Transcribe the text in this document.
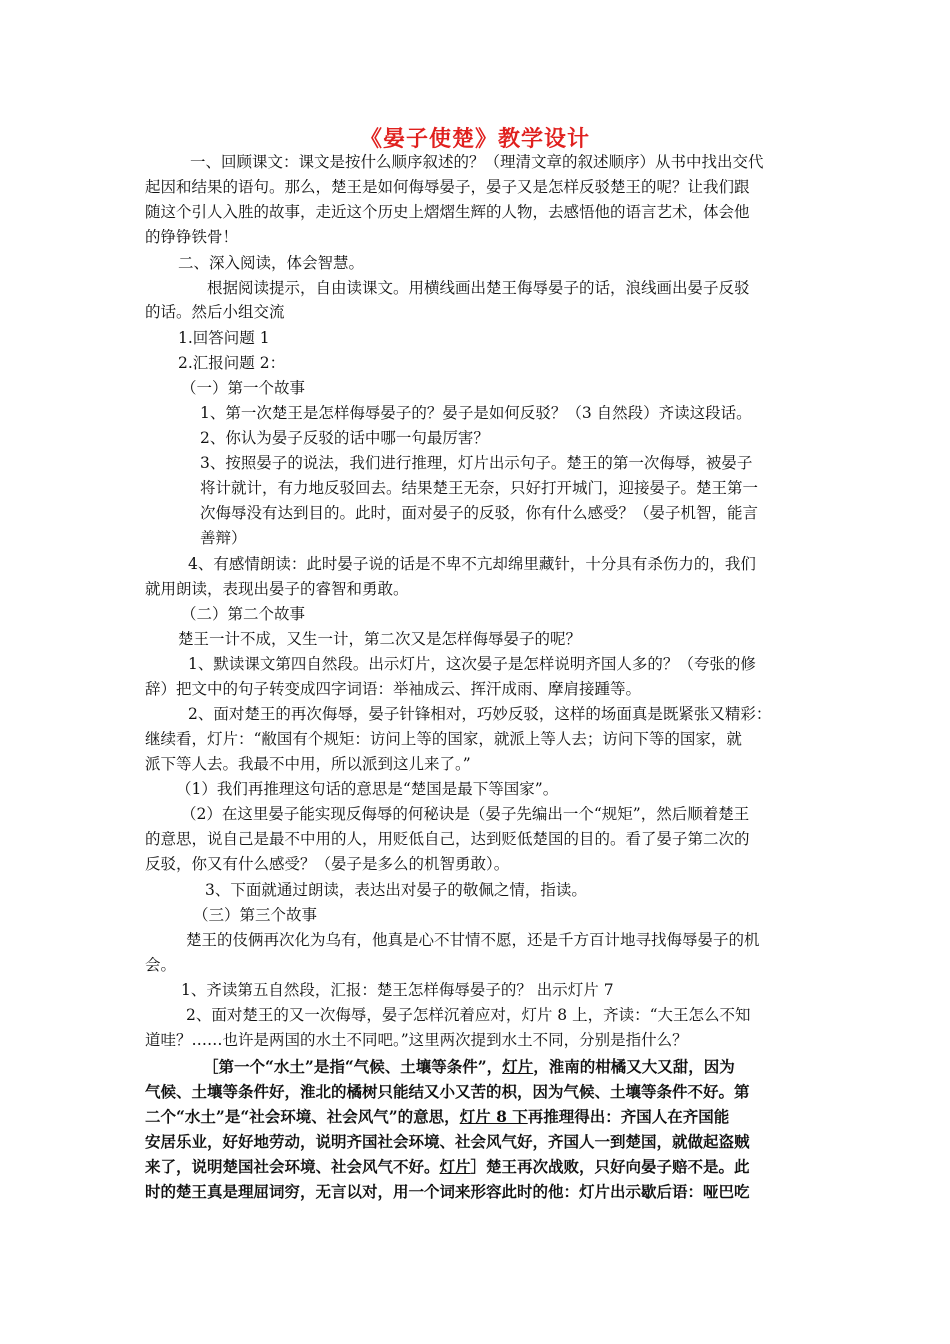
《晏子使楚》教学设计
一、回顾课文：课文是按什么顺序叙述的？（理清文章的叙述顺序）从书中找出交代
起因和结果的语句。那么，楚王是如何侮辱晏子，晏子又是怎样反驳楚王的呢？让我们跟
随这个引人入胜的故事，走近这个历史上熠熠生辉的人物，去感悟他的语言艺术，体会他
的铮铮铁骨！
二、深入阅读，体会智慧。
根据阅读提示，自由读课文。用横线画出楚王侮辱晏子的话，浪线画出晏子反驳
的话。然后小组交流
1.回答问题 1
2.汇报问题 2：
（一）第一个故事
1、第一次楚王是怎样侮辱晏子的？晏子是如何反驳？（3 自然段）齐读这段话。
2、你认为晏子反驳的话中哪一句最厉害？
3、按照晏子的说法，我们进行推理，灯片出示句子。楚王的第一次侮辱，被晏子
将计就计，有力地反驳回去。结果楚王无奈，只好打开城门，迎接晏子。楚王第一
次侮辱没有达到目的。此时，面对晏子的反驳，你有什么感受？（晏子机智，能言
善辩）
4、有感情朗读：此时晏子说的话是不卑不亢却绵里藏针，十分具有杀伤力的，我们
就用朗读，表现出晏子的睿智和勇敢。
（二）第二个故事
楚王一计不成，又生一计，第二次又是怎样侮辱晏子的呢？
1、默读课文第四自然段。出示灯片，这次晏子是怎样说明齐国人多的？（夸张的修
辞）把文中的句子转变成四字词语：举袖成云、挥汗成雨、摩肩接踵等。
2、面对楚王的再次侮辱，晏子针锋相对，巧妙反驳，这样的场面真是既紧张又精彩：
继续看，灯片：“敝国有个规矩：访问上等的国家，就派上等人去；访问下等的国家，就
派下等人去。我最不中用，所以派到这儿来了。”
（1）我们再推理这句话的意思是“楚国是最下等国家”。
（2）在这里晏子能实现反侮辱的何秘诀是（晏子先编出一个“规矩”，然后顺着楚王
的意思，说自己是最不中用的人，用贬低自己，达到贬低楚国的目的。看了晏子第二次的
反驳，你又有什么感受？（晏子是多么的机智勇敢）。
3、下面就通过朗读，表达出对晏子的敬佩之情，指读。
（三）第三个故事
楚王的伎俩再次化为乌有，他真是心不甘情不愿，还是千方百计地寻找侮辱晏子的机
会。
1、齐读第五自然段，汇报：楚王怎样侮辱晏子的？ 出示灯片 7
2、面对楚王的又一次侮辱，晏子怎样沉着应对，灯片 8 上，齐读：“大王怎么不知
道哇？……也许是两国的水土不同吧。”这里两次提到水土不同，分别是指什么？
［第一个“水土”是指“气候、土壤等条件”，灯片，淮南的柑橘又大又甜，因为
气候、土壤等条件好，淮北的橘树只能结又小又苦的枳，因为气候、土壤等条件不好。第
二个“水土”是“社会环境、社会风气”的意思，灯片 8 下再推理得出：齐国人在齐国能
安居乐业，好好地劳动，说明齐国社会环境、社会风气好，齐国人一到楚国，就做起盗贼
来了，说明楚国社会环境、社会风气不好。灯片］楚王再次战败，只好向晏子赔不是。此
时的楚王真是理屈词穷，无言以对，用一个词来形容此时的他：灯片出示歇后语：哑巴吃
